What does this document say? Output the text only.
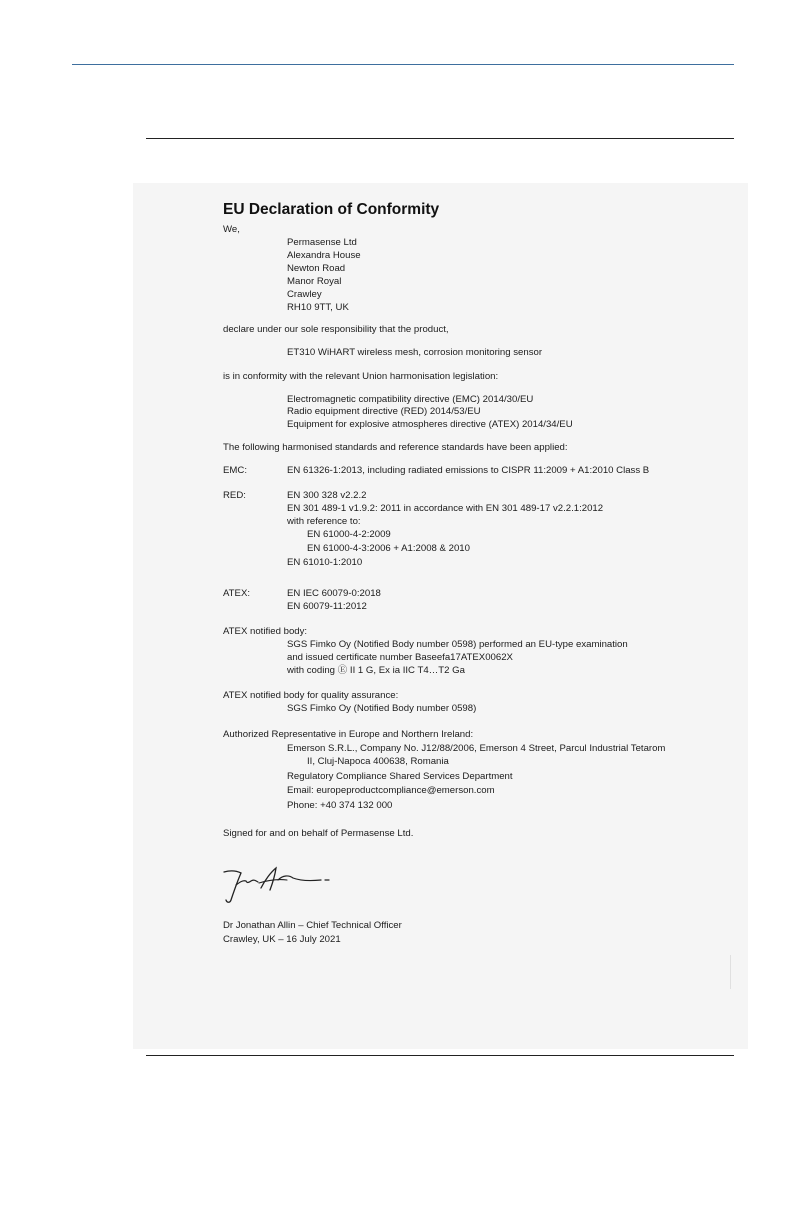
EU Declaration of Conformity
We,
Permasense Ltd
Alexandra House
Newton Road
Manor Royal
Crawley
RH10 9TT, UK
declare under our sole responsibility that the product,
ET310 WiHART wireless mesh, corrosion monitoring sensor
is in conformity with the relevant Union harmonisation legislation:
Electromagnetic compatibility directive (EMC) 2014/30/EU
Radio equipment directive (RED) 2014/53/EU
Equipment for explosive atmospheres directive (ATEX) 2014/34/EU
The following harmonised standards and reference standards have been applied:
EMC:	EN 61326-1:2013, including radiated emissions to CISPR 11:2009 + A1:2010 Class B
RED:	EN 300 328 v2.2.2
EN 301 489-1 v1.9.2: 2011 in accordance with EN 301 489-17 v2.2.1:2012
with reference to:
EN 61000-4-2:2009
EN 61000-4-3:2006 + A1:2008 & 2010
EN 61010-1:2010
ATEX:	EN IEC 60079-0:2018
EN 60079-11:2012
ATEX notified body:
SGS Fimko Oy (Notified Body number 0598) performed an EU-type examination
and issued certificate number Baseefa17ATEX0062X
with coding Ⓔ II 1 G, Ex ia IIC T4…T2 Ga
ATEX notified body for quality assurance:
SGS Fimko Oy (Notified Body number 0598)
Authorized Representative in Europe and Northern Ireland:
Emerson S.R.L., Company No. J12/88/2006, Emerson 4 Street, Parcul Industrial Tetarom
II, Cluj-Napoca 400638, Romania
Regulatory Compliance Shared Services Department
Email: europeproductcompliance@emerson.com
Phone: +40 374 132 000
Signed for and on behalf of Permasense Ltd.
Dr Jonathan Allin – Chief Technical Officer
Crawley, UK – 16 July 2021
